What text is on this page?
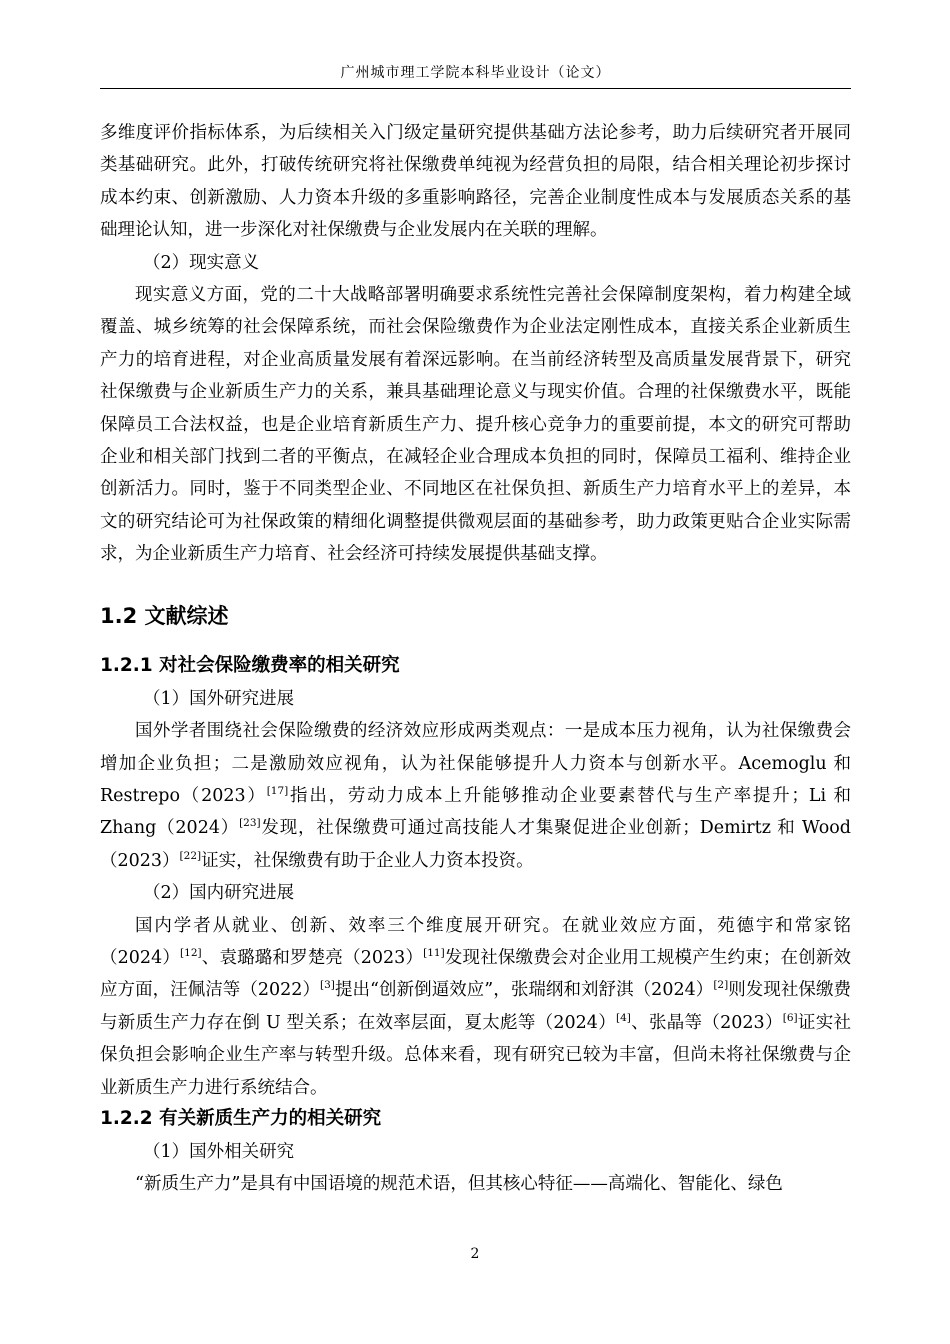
广州城市理工学院本科毕业设计（论文）

多维度评价指标体系，为后续相关入门级定量研究提供基础方法论参考，助力后续研究者开展同类基础研究。此外，打破传统研究将社保缴费单纯视为经营负担的局限，结合相关理论初步探讨成本约束、创新激励、人力资本升级的多重影响路径，完善企业制度性成本与发展质态关系的基础理论认知，进一步深化对社保缴费与企业发展内在关联的理解。

（2）现实意义

现实意义方面，党的二十大战略部署明确要求系统性完善社会保障制度架构，着力构建全域覆盖、城乡统筹的社会保障系统，而社会保险缴费作为企业法定刚性成本，直接关系企业新质生产力的培育进程，对企业高质量发展有着深远影响。在当前经济转型及高质量发展背景下，研究社保缴费与企业新质生产力的关系，兼具基础理论意义与现实价值。合理的社保缴费水平，既能保障员工合法权益，也是企业培育新质生产力、提升核心竞争力的重要前提，本文的研究可帮助企业和相关部门找到二者的平衡点，在减轻企业合理成本负担的同时，保障员工福利、维持企业创新活力。同时，鉴于不同类型企业、不同地区在社保负担、新质生产力培育水平上的差异，本文的研究结论可为社保政策的精细化调整提供微观层面的基础参考，助力政策更贴合企业实际需求，为企业新质生产力培育、社会经济可持续发展提供基础支撑。

1.2 文献综述
1.2.1 对社会保险缴费率的相关研究

（1）国外研究进展

国外学者围绕社会保险缴费的经济效应形成两类观点：一是成本压力视角，认为社保缴费会增加企业负担；二是激励效应视角，认为社保能够提升人力资本与创新水平。Acemoglu 和 Restrepo（2023）[17]指出，劳动力成本上升能够推动企业要素替代与生产率提升；Li 和 Zhang（2024）[23]发现，社保缴费可通过高技能人才集聚促进企业创新；Demirtz 和 Wood（2023）[22]证实，社保缴费有助于企业人力资本投资。

（2）国内研究进展

国内学者从就业、创新、效率三个维度展开研究。在就业效应方面，苑德宇和常家铭（2024）[12]、袁璐璐和罗楚亮（2023）[11]发现社保缴费会对企业用工规模产生约束；在创新效应方面，汪佩洁等（2022）[3]提出“创新倒逼效应”，张瑞纲和刘舒淇（2024）[2]则发现社保缴费与新质生产力存在倒 U 型关系；在效率层面，夏太彪等（2024）[4]、张晶等（2023）[6]证实社保负担会影响企业生产率与转型升级。总体来看，现有研究已较为丰富，但尚未将社保缴费与企业新质生产力进行系统结合。

1.2.2 有关新质生产力的相关研究

（1）国外相关研究

“新质生产力”是具有中国语境的规范术语，但其核心特征——高端化、智能化、绿色

2
